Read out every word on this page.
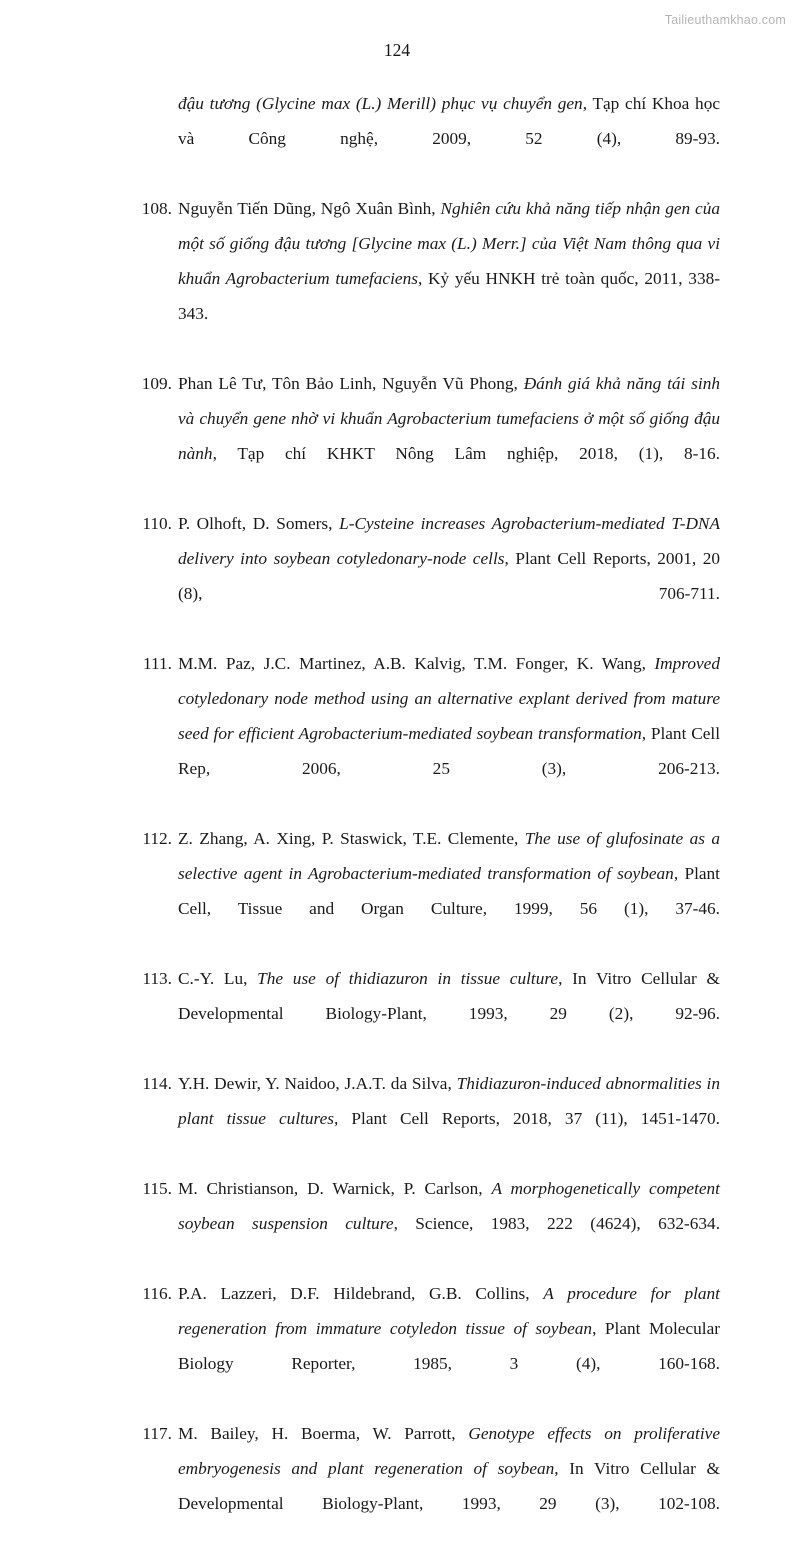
Tailieuthamkhao.com
124

đậu tương (Glycine max (L.) Merill) phục vụ chuyển gen, Tạp chí Khoa học và Công nghệ, 2009, 52 (4), 89-93.

108. Nguyễn Tiến Dũng, Ngô Xuân Bình, Nghiên cứu khả năng tiếp nhận gen của một số giống đậu tương [Glycine max (L.) Merr.] của Việt Nam thông qua vi khuẩn Agrobacterium tumefaciens, Kỷ yếu HNKH trẻ toàn quốc, 2011, 338-343.

109. Phan Lê Tư, Tôn Bảo Linh, Nguyễn Vũ Phong, Đánh giá khả năng tái sinh và chuyển gene nhờ vi khuẩn Agrobacterium tumefaciens ở một số giống đậu nành, Tạp chí KHKT Nông Lâm nghiệp, 2018, (1), 8-16.

110. P. Olhoft, D. Somers, L-Cysteine increases Agrobacterium-mediated T-DNA delivery into soybean cotyledonary-node cells, Plant Cell Reports, 2001, 20 (8), 706-711.

111. M.M. Paz, J.C. Martinez, A.B. Kalvig, T.M. Fonger, K. Wang, Improved cotyledonary node method using an alternative explant derived from mature seed for efficient Agrobacterium-mediated soybean transformation, Plant Cell Rep, 2006, 25 (3), 206-213.

112. Z. Zhang, A. Xing, P. Staswick, T.E. Clemente, The use of glufosinate as a selective agent in Agrobacterium-mediated transformation of soybean, Plant Cell, Tissue and Organ Culture, 1999, 56 (1), 37-46.

113. C.-Y. Lu, The use of thidiazuron in tissue culture, In Vitro Cellular & Developmental Biology-Plant, 1993, 29 (2), 92-96.

114. Y.H. Dewir, Y. Naidoo, J.A.T. da Silva, Thidiazuron-induced abnormalities in plant tissue cultures, Plant Cell Reports, 2018, 37 (11), 1451-1470.

115. M. Christianson, D. Warnick, P. Carlson, A morphogenetically competent soybean suspension culture, Science, 1983, 222 (4624), 632-634.

116. P.A. Lazzeri, D.F. Hildebrand, G.B. Collins, A procedure for plant regeneration from immature cotyledon tissue of soybean, Plant Molecular Biology Reporter, 1985, 3 (4), 160-168.

117. M. Bailey, H. Boerma, W. Parrott, Genotype effects on proliferative embryogenesis and plant regeneration of soybean, In Vitro Cellular & Developmental Biology-Plant, 1993, 29 (3), 102-108.
